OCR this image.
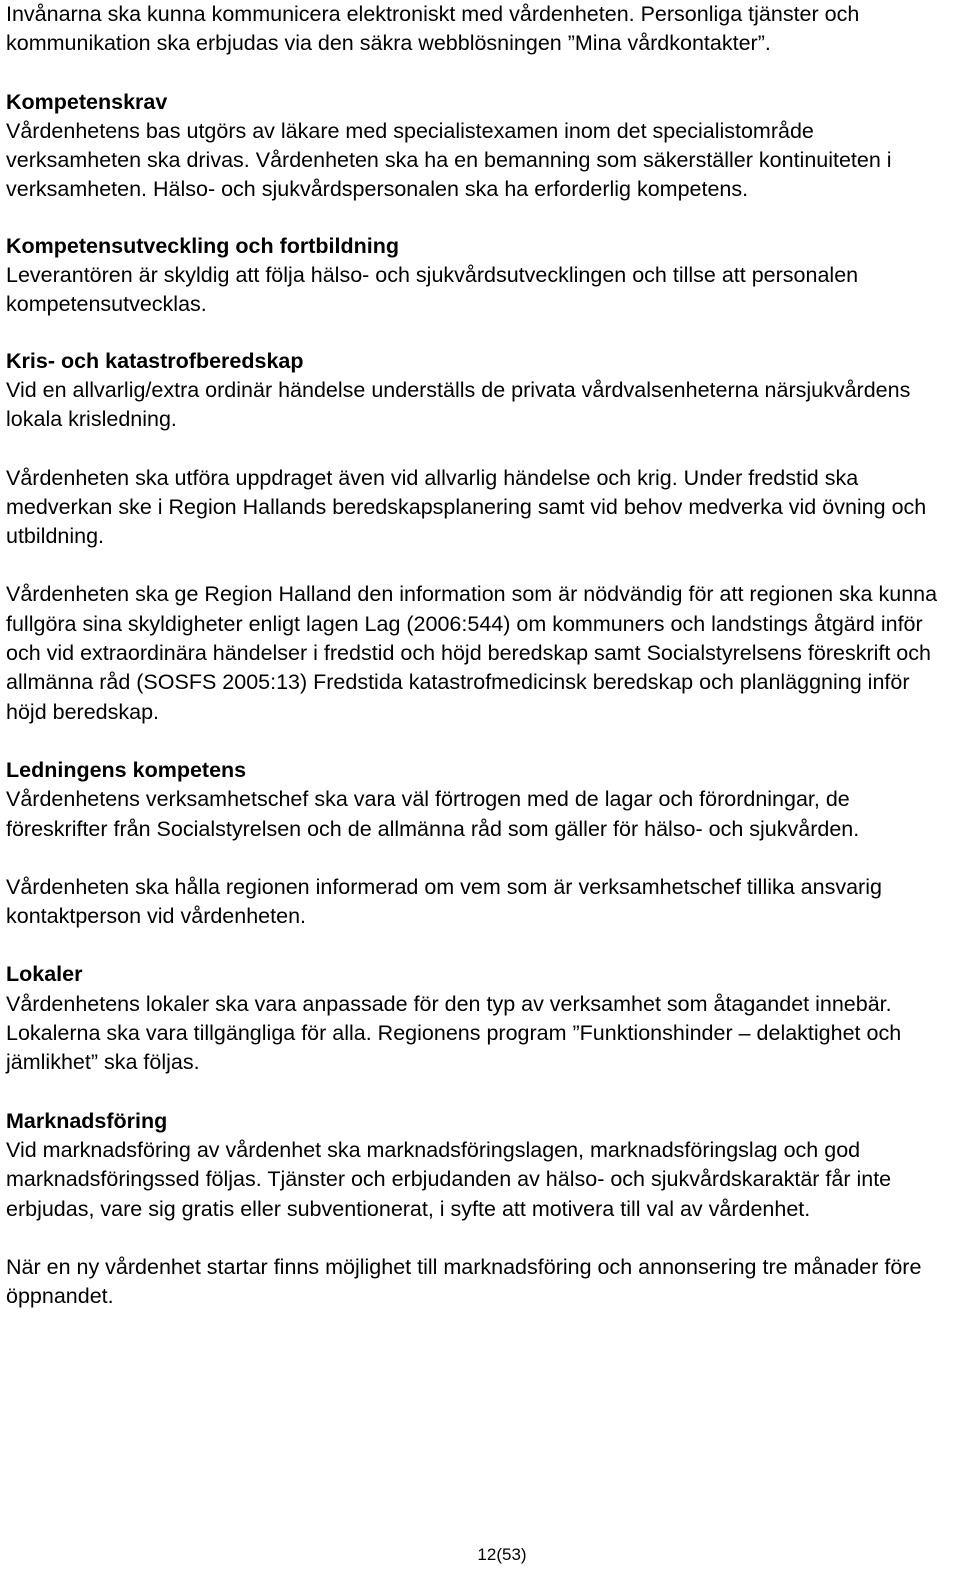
Invånarna ska kunna kommunicera elektroniskt med vårdenheten. Personliga tjänster och kommunikation ska erbjudas via den säkra webblösningen ”Mina vårdkontakter”.

Kompetenskrav
Vårdenhetens bas utgörs av läkare med specialistexamen inom det specialistområde verksamheten ska drivas. Vårdenheten ska ha en bemanning som säkerställer kontinuiteten i verksamheten. Hälso- och sjukvårdspersonalen ska ha erforderlig kompetens.
Kompetensutveckling och fortbildning
Leverantören är skyldig att följa hälso- och sjukvårdsutvecklingen och tillse att personalen kompetensutvecklas.
Kris- och katastrofberedskap
Vid en allvarlig/extra ordinär händelse underställs de privata vårdvalsenheterna närsjukvårdens lokala krisledning.
Vårdenheten ska utföra uppdraget även vid allvarlig händelse och krig. Under fredstid ska medverkan ske i Region Hallands beredskapsplanering samt vid behov medverka vid övning och utbildning.
Vårdenheten ska ge Region Halland den information som är nödvändig för att regionen ska kunna fullgöra sina skyldigheter enligt lagen Lag (2006:544) om kommuners och landstings åtgärd inför och vid extraordinära händelser i fredstid och höjd beredskap samt Socialstyrelsens föreskrift och allmänna råd (SOSFS 2005:13) Fredstida katastrofmedicinsk beredskap och planläggning inför höjd beredskap.
Ledningens kompetens
Vårdenhetens verksamhetschef ska vara väl förtrogen med de lagar och förordningar, de föreskrifter från Socialstyrelsen och de allmänna råd som gäller för hälso- och sjukvården.
Vårdenheten ska hålla regionen informerad om vem som är verksamhetschef tillika ansvarig kontaktperson vid vårdenheten.
Lokaler
Vårdenhetens lokaler ska vara anpassade för den typ av verksamhet som åtagandet innebär. Lokalerna ska vara tillgängliga för alla. Regionens program ”Funktionshinder – delaktighet och jämlikhet” ska följas.
Marknadsföring
Vid marknadsföring av vårdenhet ska marknadsföringslagen, marknadsföringslag och god marknadsföringssed följas. Tjänster och erbjudanden av hälso- och sjukvårdskaraktär får inte erbjudas, vare sig gratis eller subventionerat, i syfte att motivera till val av vårdenhet.
När en ny vårdenhet startar finns möjlighet till marknadsföring och annonsering tre månader före öppnandet.
12(53)
